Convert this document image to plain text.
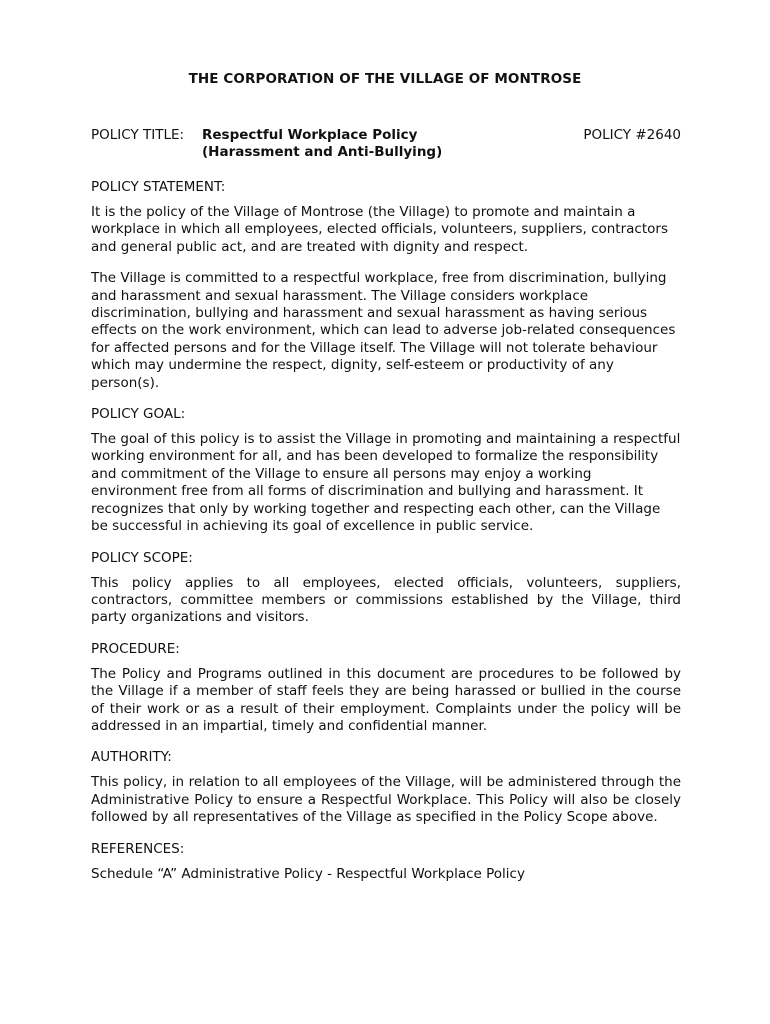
THE CORPORATION OF THE VILLAGE OF MONTROSE
POLICY TITLE: Respectful Workplace Policy
(Harassment and Anti-Bullying)
POLICY #2640
POLICY STATEMENT:

It is the policy of the Village of Montrose (the Village) to promote and maintain a workplace in which all employees, elected officials, volunteers, suppliers, contractors and general public act, and are treated with dignity and respect.

The Village is committed to a respectful workplace, free from discrimination, bullying and harassment and sexual harassment. The Village considers workplace discrimination, bullying and harassment and sexual harassment as having serious effects on the work environment, which can lead to adverse job-related consequences for affected persons and for the Village itself. The Village will not tolerate behaviour which may undermine the respect, dignity, self-esteem or productivity of any person(s).

POLICY GOAL:

The goal of this policy is to assist the Village in promoting and maintaining a respectful working environment for all, and has been developed to formalize the responsibility and commitment of the Village to ensure all persons may enjoy a working environment free from all forms of discrimination and bullying and harassment. It recognizes that only by working together and respecting each other, can the Village be successful in achieving its goal of excellence in public service.

POLICY SCOPE:

This policy applies to all employees, elected officials, volunteers, suppliers, contractors, committee members or commissions established by the Village, third party organizations and visitors.

PROCEDURE:

The Policy and Programs outlined in this document are procedures to be followed by the Village if a member of staff feels they are being harassed or bullied in the course of their work or as a result of their employment. Complaints under the policy will be addressed in an impartial, timely and confidential manner.

AUTHORITY:

This policy, in relation to all employees of the Village, will be administered through the Administrative Policy to ensure a Respectful Workplace. This Policy will also be closely followed by all representatives of the Village as specified in the Policy Scope above.

REFERENCES:

Schedule “A” Administrative Policy - Respectful Workplace Policy
